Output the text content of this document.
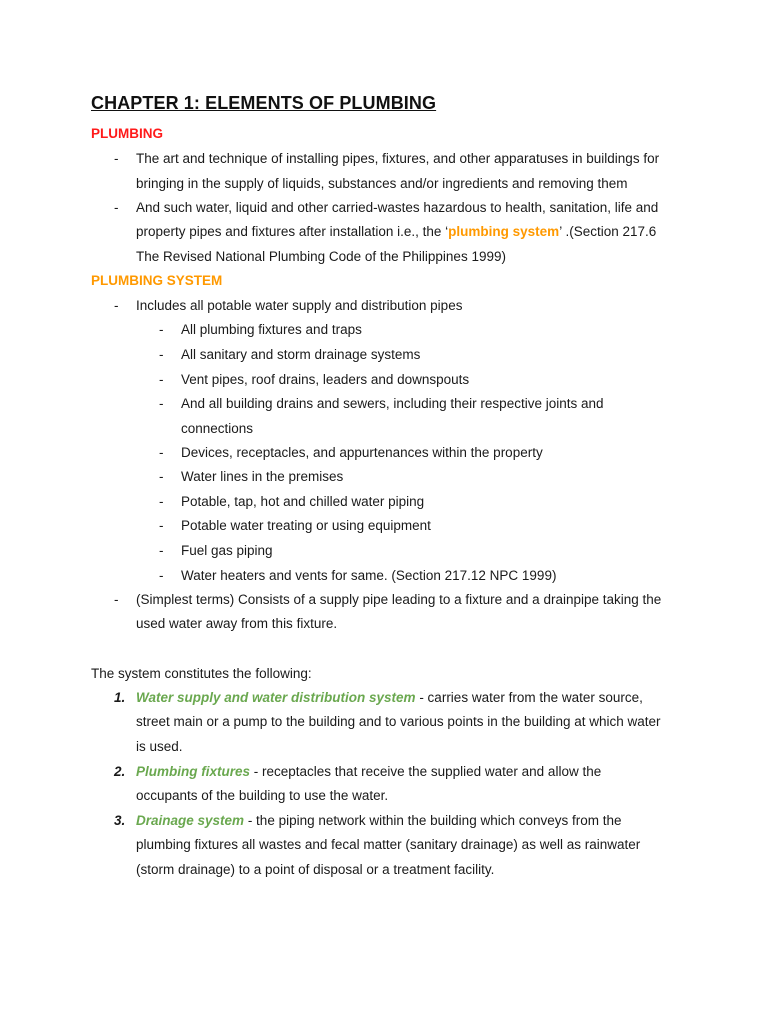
CHAPTER 1: ELEMENTS OF PLUMBING
PLUMBING
- The art and technique of installing pipes, fixtures, and other apparatuses in buildings for
bringing in the supply of liquids, substances and/or ingredients and removing them
- And such water, liquid and other carried-wastes hazardous to health, sanitation, life and
property pipes and fixtures after installation i.e., the ‘plumbing system’ .(Section 217.6
The Revised National Plumbing Code of the Philippines 1999)
PLUMBING SYSTEM
- Includes all potable water supply and distribution pipes
- All plumbing fixtures and traps
- All sanitary and storm drainage systems
- Vent pipes, roof drains, leaders and downspouts
- And all building drains and sewers, including their respective joints and
connections
- Devices, receptacles, and appurtenances within the property
- Water lines in the premises
- Potable, tap, hot and chilled water piping
- Potable water treating or using equipment
- Fuel gas piping
- Water heaters and vents for same. (Section 217.12 NPC 1999)
- (Simplest terms) Consists of a supply pipe leading to a fixture and a drainpipe taking the
used water away from this fixture.
The system constitutes the following:
1. Water supply and water distribution system - carries water from the water source,
street main or a pump to the building and to various points in the building at which water
is used.
2. Plumbing fixtures - receptacles that receive the supplied water and allow the
occupants of the building to use the water.
3. Drainage system - the piping network within the building which conveys from the
plumbing fixtures all wastes and fecal matter (sanitary drainage) as well as rainwater
(storm drainage) to a point of disposal or a treatment facility.
